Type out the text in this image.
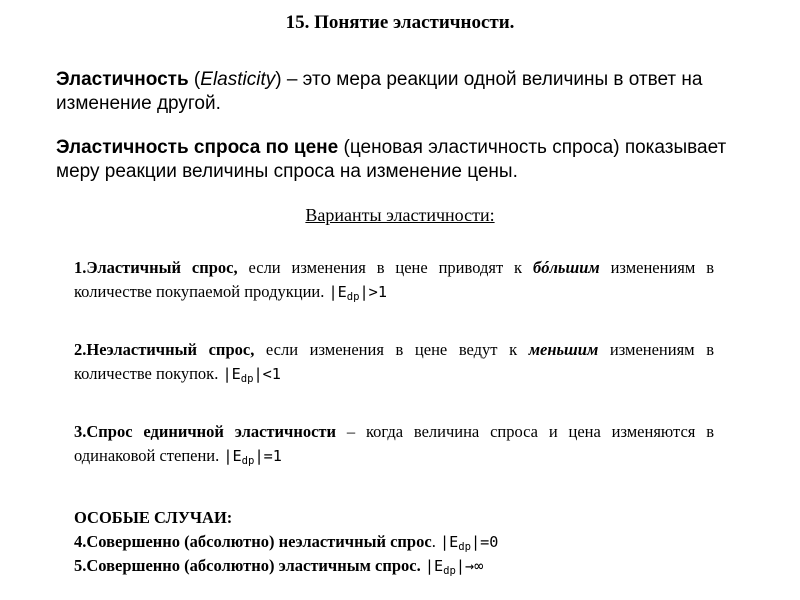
15. Понятие эластичности.
Эластичность (Elasticity) – это мера реакции одной величины в ответ на изменение другой.
Эластичность спроса по цене (ценовая эластичность спроса) показывает меру реакции величины спроса на изменение цены.
Варианты эластичности:
1.Эластичный спрос, если изменения в цене приводят к бóльшим изменениям в количестве покупаемой продукции. $|E_{dp}|>1$
2.Неэластичный спрос, если изменения в цене ведут к меньшим изменениям в количестве покупок. $|E_{dp}|<1$
3.Спрос единичной эластичности – когда величина спроса и цена изменяются в одинаковой степени. $|E_{dp}|=1$
ОСОБЫЕ СЛУЧАИ:
4.Совершенно (абсолютно) неэластичный спрос. $|E_{dp}|=0$
5.Совершенно (абсолютно) эластичным спрос. $|E_{dp}|\to\infty$
